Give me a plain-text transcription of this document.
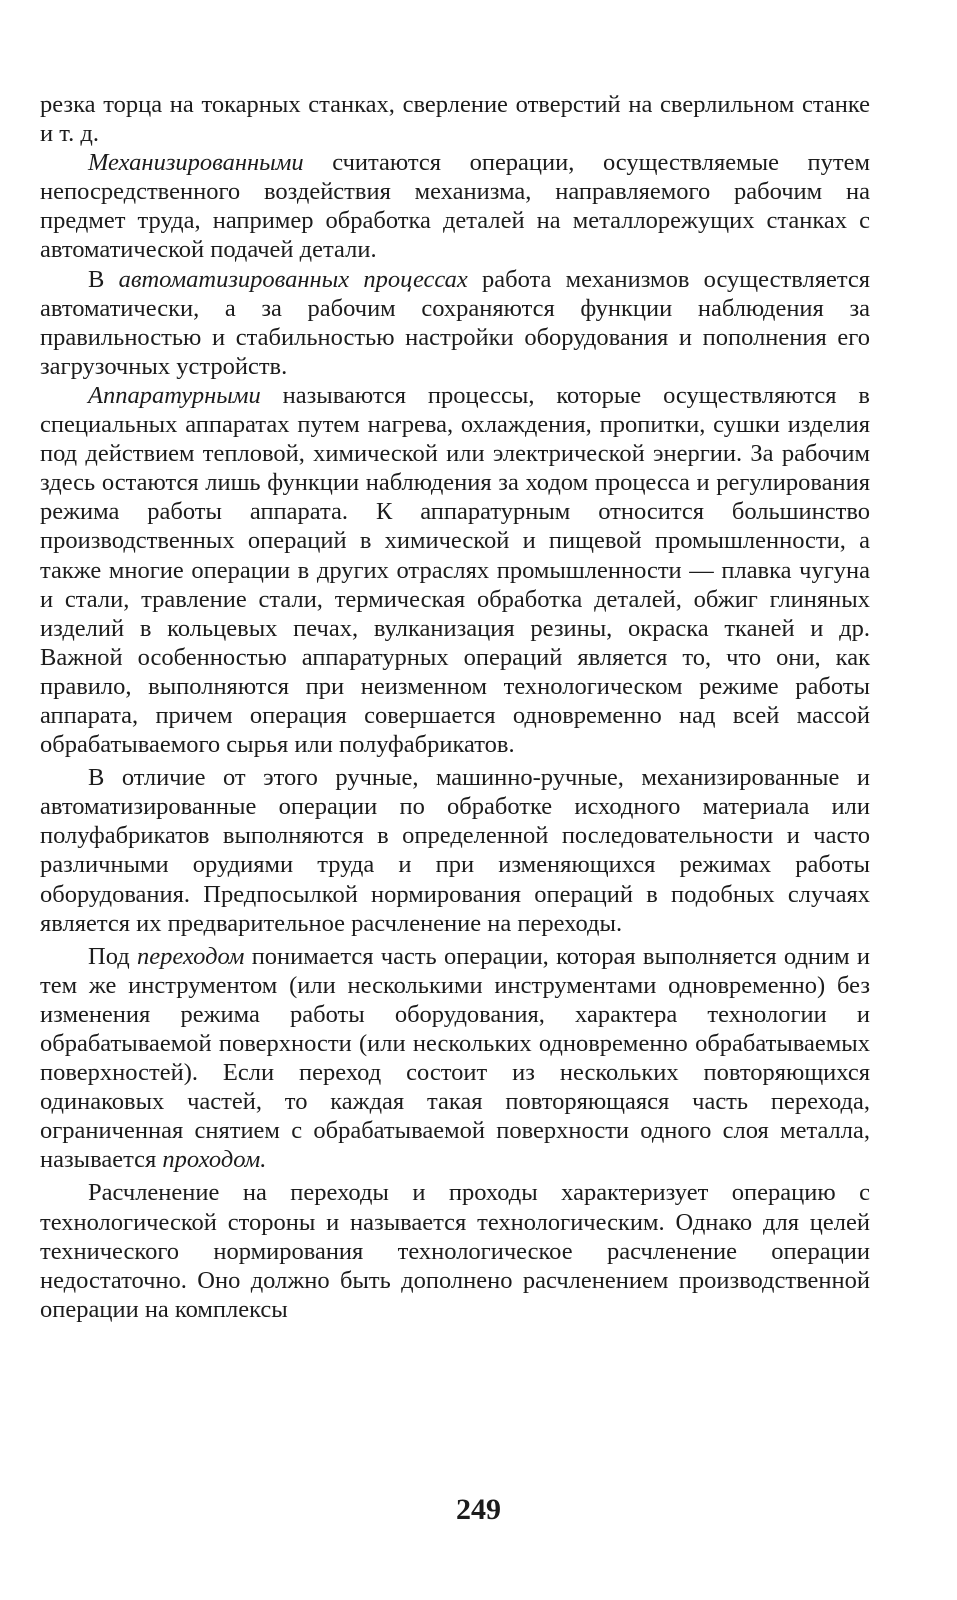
резка торца на токарных станках, сверление отверстий на сверлильном станке и т. д.

Механизированными считаются операции, осуществляемые путем непосредственного воздействия механизма, направляемого рабочим на предмет труда, например обработка деталей на металлорежущих станках с автоматической подачей детали.

В автоматизированных процессах работа механизмов осуществляется автоматически, а за рабочим сохраняются функции наблюдения за правильностью и стабильностью настройки оборудования и пополнения его загрузочных устройств.

Аппаратурными называются процессы, которые осуществляются в специальных аппаратах путем нагрева, охлаждения, пропитки, сушки изделия под действием тепловой, химической или электрической энергии. За рабочим здесь остаются лишь функции наблюдения за ходом процесса и регулирования режима работы аппарата. К аппаратурным относится большинство производственных операций в химической и пищевой промышленности, а также многие операции в других отраслях промышленности — плавка чугуна и стали, травление стали, термическая обработка деталей, обжиг глиняных изделий в кольцевых печах, вулканизация резины, окраска тканей и др. Важной особенностью аппаратурных операций является то, что они, как правило, выполняются при неизменном технологическом режиме работы аппарата, причем операция совершается одновременно над всей массой обрабатываемого сырья или полуфабрикатов.

В отличие от этого ручные, машинно-ручные, механизированные и автоматизированные операции по обработке исходного материала или полуфабрикатов выполняются в определенной последовательности и часто различными орудиями труда и при изменяющихся режимах работы оборудования. Предпосылкой нормирования операций в подобных случаях является их предварительное расчленение на переходы.

Под переходом понимается часть операции, которая выполняется одним и тем же инструментом (или несколькими инструментами одновременно) без изменения режима работы оборудования, характера технологии и обрабатываемой поверхности (или нескольких одновременно обрабатываемых поверхностей). Если переход состоит из нескольких повторяющихся одинаковых частей, то каждая такая повторяющаяся часть перехода, ограниченная снятием с обрабатываемой поверхности одного слоя металла, называется проходом.

Расчленение на переходы и проходы характеризует операцию с технологической стороны и называется технологическим. Однако для целей технического нормирования технологическое расчленение операции недостаточно. Оно должно быть дополнено расчленением производственной операции на комплексы

249
